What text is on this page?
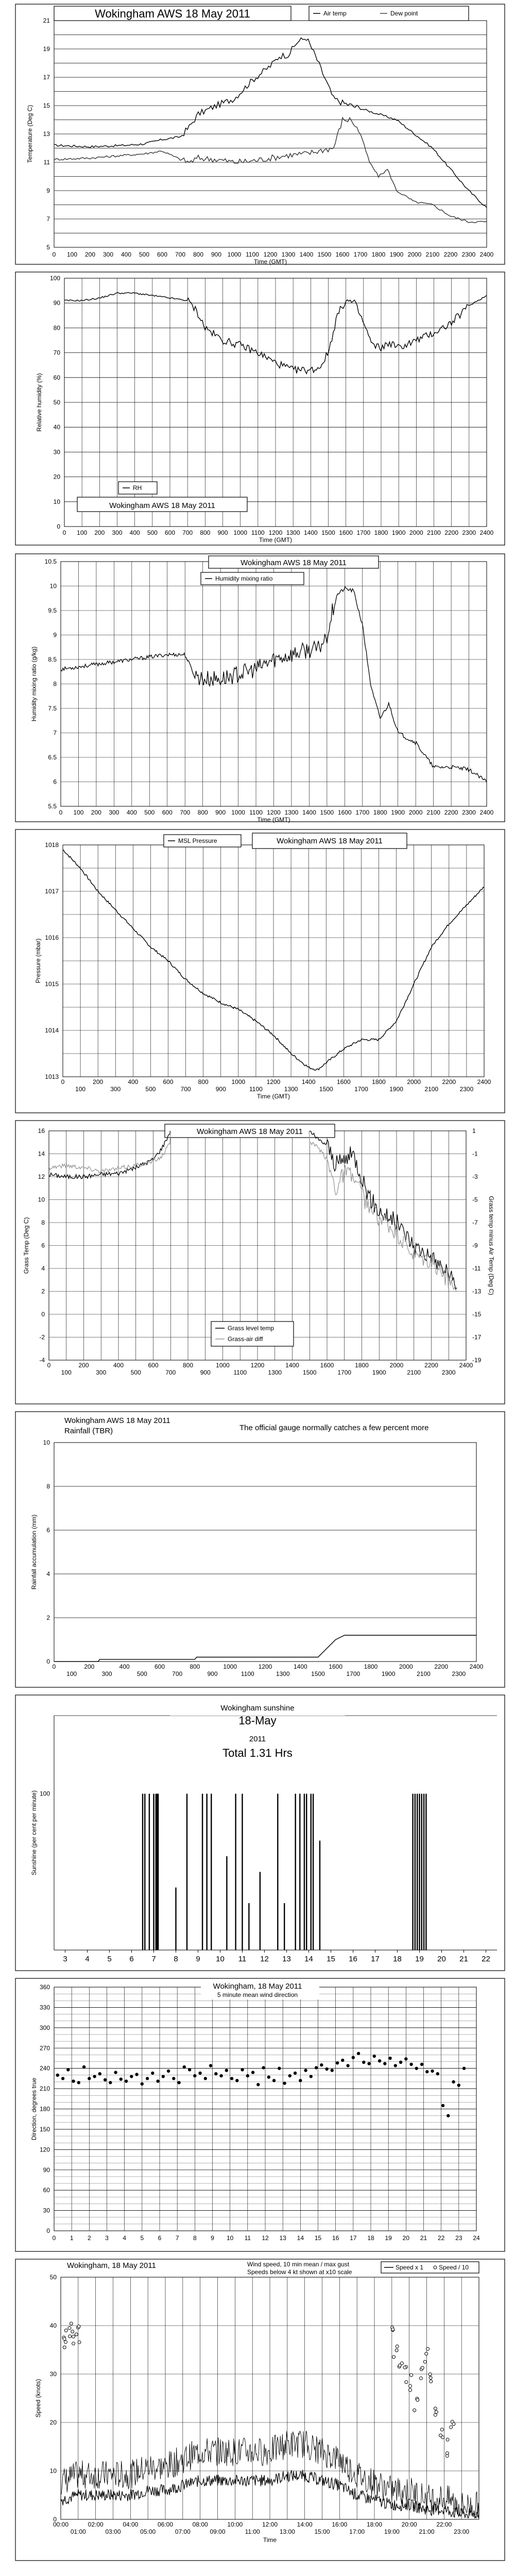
21
19
17
15
13
11
9
7
5
0 100 200 300 400 500 600 700 800 900 1000 1100 1200 1300 1400 1500 1600 1700 1800 1900 2000 2100 2200 2300 2400
Time (GMT)
Temperature (Deg C)
Wokingham AWS 18 May 2011	Air temp	Dew point
100
90
80
70
60
50
40
30
20
10
0
0 100 200 300 400 500 600 700 800 900 1000 1100 1200 1300 1400 1500 1600 1700 1800 1900 2000 2100 2200 2300 2400
Time (GMT)
Relative humidity (%)
RH
Wokingham AWS 18 May 2011
10.5
10
9.5
9
8.5
8
7.5
7
6.5
6
5.5
0 100 200 300 400 500 600 700 800 900 1000 1100 1200 1300 1400 1500 1600 1700 1800 1900 2000 2100 2200 2300 2400
Time (GMT)
Humidity mixing ratio (g/kg)
Wokingham AWS 18 May 2011
Humidity mixing ratio
1018
1017
1016
1015
1014
1013
0	200	400	600	800	1000	1200	1400	1600	1800	2000	2200	2400
100	300	500	700	900	1100	1300	1500	1700	1900	2100	2300
Time (GMT)
Pressure (mbar)
MSL Pressure	Wokingham AWS 18 May 2011
16
14
12
10
8
6
4
2
0
-2
-4
1
-1
-3
-5
-7
-9
-11
-13
-15
-17
-19
0	200	400	600	800	1000	1200	1400	1600	1800	2000	2200	2400
100	300	500	700	900	1100	1300	1500	1700	1900	2100	2300
Grass Temp (Deg C)	Grass temp minus Air Temp (Deg C)
Wokingham AWS 18 May 2011
Grass level temp
Grass-air diff
10
8
6
4
2
0
0	200	400	600	800	1000	1200	1400	1600	1800	2000	2200	2400
100	300	500	700	900	1100	1300	1500	1700	1900	2100	2300
Rainfall accumulation (mm)
Wokingham AWS 18 May 2011
Rainfall (TBR)	The official gauge normally catches a few percent more
100
3 4 5 6 7 8 9 10 11 12 13 14 15 16 17 18 19 20 21 22
Sunshine (per cent per minute)
Wokingham sunshine
18-May
2011
Total 1.31 Hrs
360
330
300
270
240
210
180
150
120
90
60
30
0
0 1 2 3 4 5 6 7 8 9 10 11 12 13 14 15 16 17 18 19 20 21 22 23 24
Direction, degrees true
Wokingham, 18 May 2011
5 minute mean wind direction
50
40
30
20
10
0
00:00	02:00	04:00	06:00	08:00	10:00	12:00	14:00	16:00	18:00	20:00	22:00
01:00	03:00	05:00	07:00	09:00	11:00	13:00	15:00	17:00	19:00	21:00	23:00
Time
Speed (knots)
Wokingham, 18 May 2011	Wind speed, 10 min mean / max gust
Speeds below 4 kt shown at x10 scale
Speed x 1 Speed / 10
